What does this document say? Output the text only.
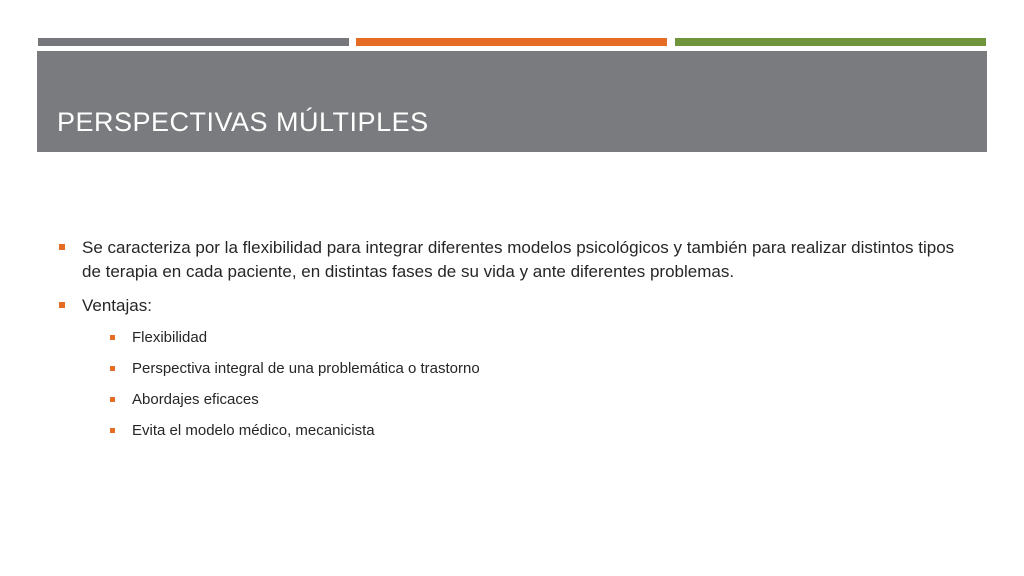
PERSPECTIVAS MÚLTIPLES
Se caracteriza por la flexibilidad para integrar diferentes modelos psicológicos y también para realizar distintos tipos de terapia en cada paciente, en distintas fases de su vida y ante diferentes problemas.
Ventajas:
Flexibilidad
Perspectiva integral de una problemática o trastorno
Abordajes eficaces
Evita el modelo médico, mecanicista
